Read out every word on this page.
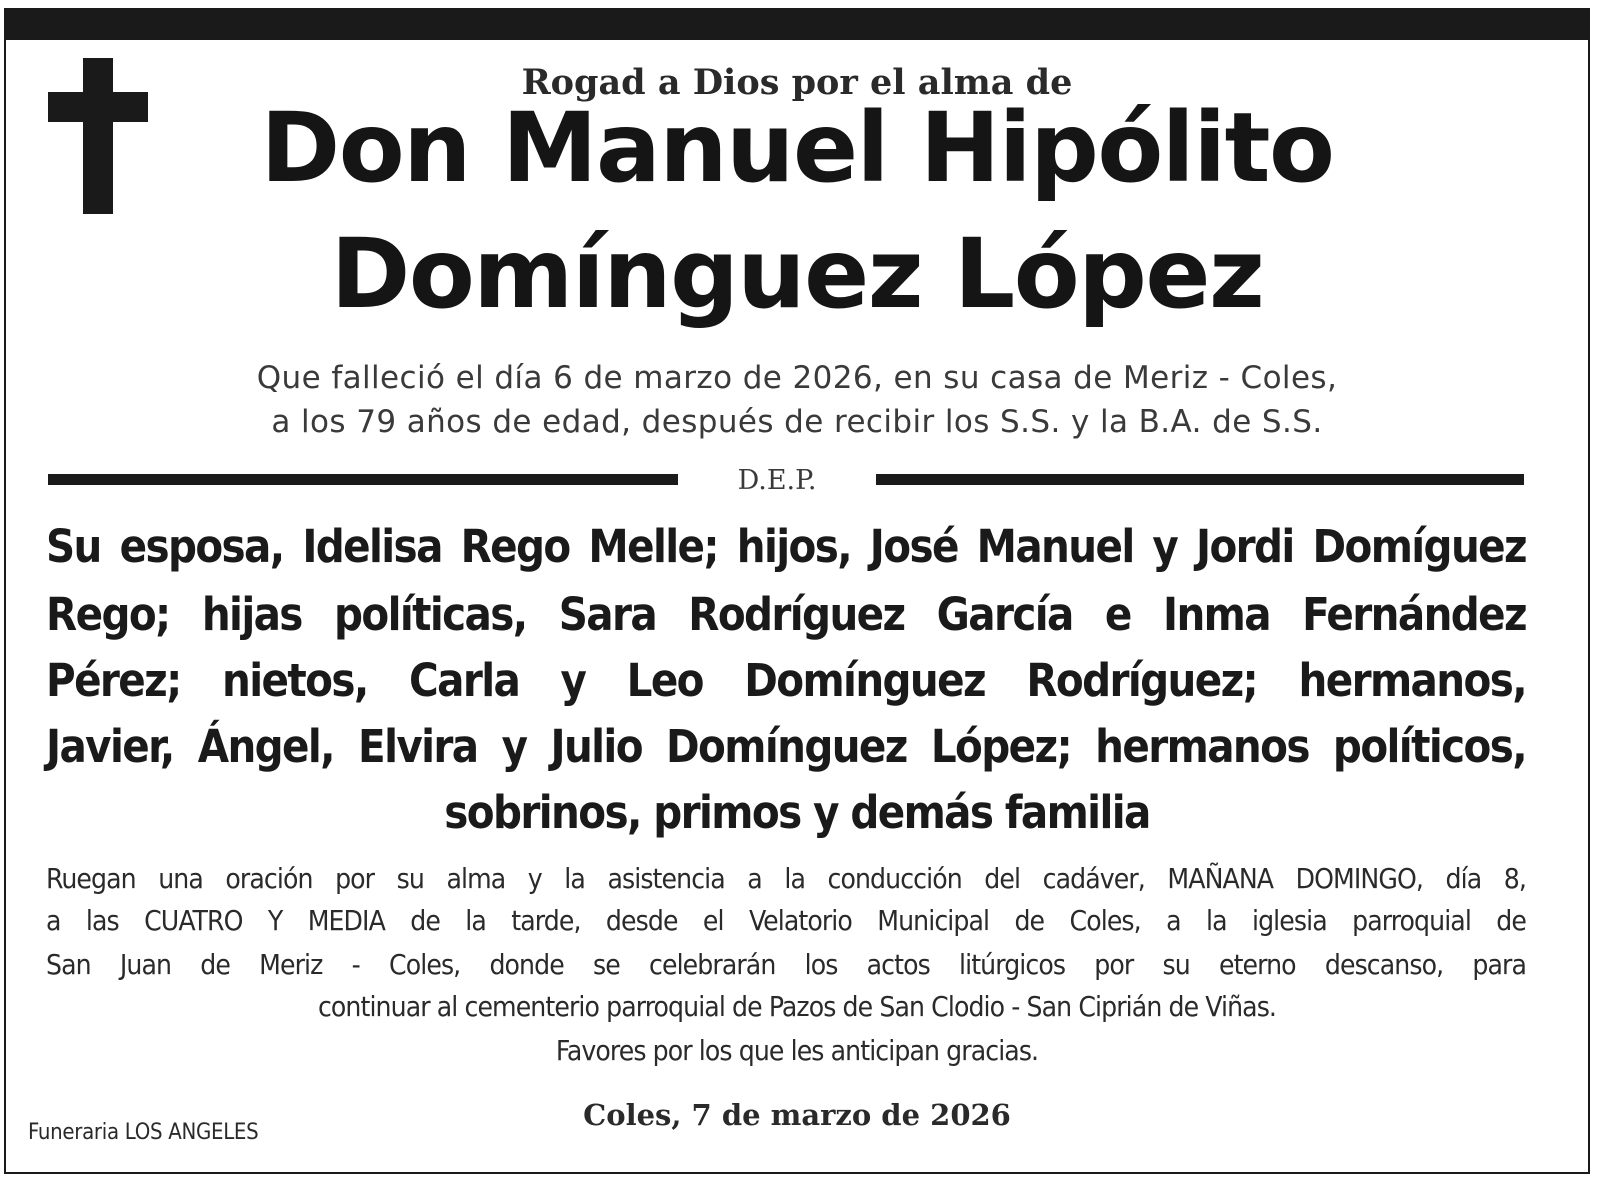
Rogad a Dios por el alma de
Don Manuel Hipólito
Domínguez López
Que falleció el día 6 de marzo de 2026, en su casa de Meriz - Coles,
a los 79 años de edad, después de recibir los S.S. y la B.A. de S.S.
D.E.P.
Su esposa, Idelisa Rego Melle; hijos, José Manuel y Jordi Domíguez
Rego; hijas políticas, Sara Rodríguez García e Inma Fernández
Pérez; nietos, Carla y Leo Domínguez Rodríguez; hermanos,
Javier, Ángel, Elvira y Julio Domínguez López; hermanos políticos,
sobrinos, primos y demás familia
Ruegan una oración por su alma y la asistencia a la conducción del cadáver, MAÑANA DOMINGO, día 8,
a las CUATRO Y MEDIA de la tarde, desde el Velatorio Municipal de Coles, a la iglesia parroquial de
San Juan de Meriz - Coles, donde se celebrarán los actos litúrgicos por su eterno descanso, para
continuar al cementerio parroquial de Pazos de San Clodio - San Ciprián de Viñas.
Favores por los que les anticipan gracias.
Coles, 7 de marzo de 2026
Funeraria LOS ANGELES
